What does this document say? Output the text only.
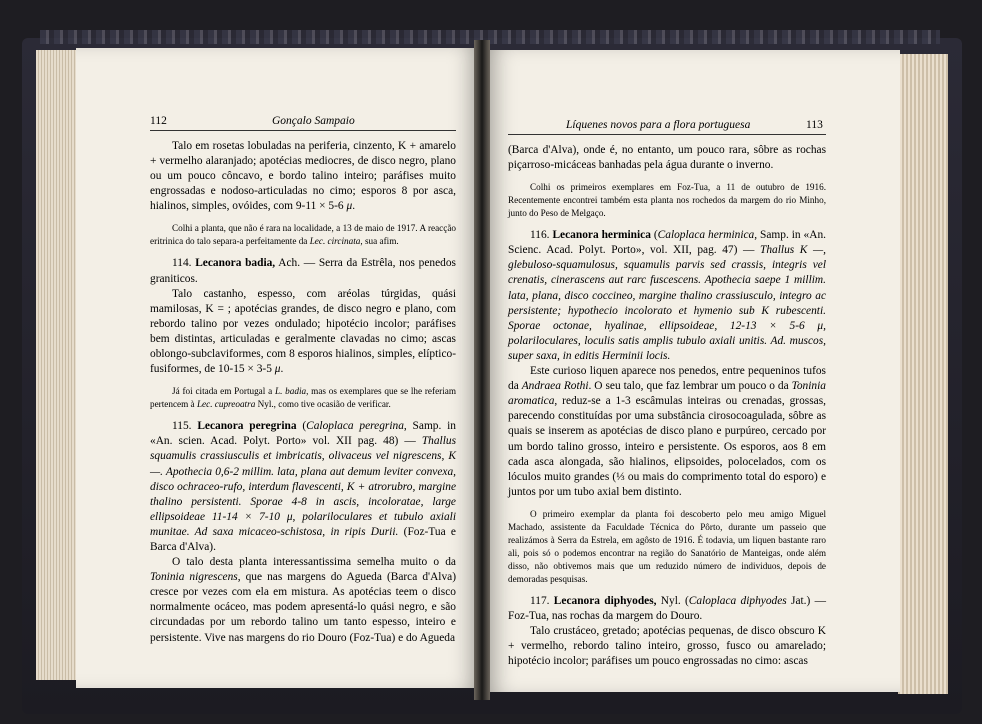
112	Gonçalo Sampaio	Líquenes novos para a flora portuguesa	113

Talo em rosetas lobuladas na periferia, cinzento, K + amarelo + vermelho alaranjado; apotécias mediocres, de disco negro, plano ou um pouco côncavo, e bordo talino inteiro; paráfises muito engrossadas e nodoso-articuladas no cimo; esporos 8 por asca, hialinos, simples, ovóides, com 9-11 × 5-6 μ.

Colhi a planta, que não é rara na localidade, a 13 de maio de 1917. A reacção eritrinica do talo separa-a perfeitamente da Lec. circinata, sua afim.

114. Lecanora badia, Ach. — Serra da Estrêla, nos penedos graniticos.

Talo castanho, espesso, com aréolas túrgidas, quási mamilosas, K = ; apotécias grandes, de disco negro e plano, com rebordo talino por vezes ondulado; hipotécio incolor; paráfises bem distintas, articuladas e geralmente clavadas no cimo; ascas oblongo-subclaviformes, com 8 esporos hialinos, simples, elíptico-fusiformes, de 10-15 × 3-5 μ.

Já foi citada em Portugal a L. badia, mas os exemplares que se lhe referiam pertencem à Lec. cupreoatra Nyl., como tive ocasião de verificar.

115. Lecanora peregrina (Caloplaca peregrina, Samp. in «An. scien. Acad. Polyt. Porto» vol. XII pag. 48) — Thallus squamulis crassiusculis et imbricatis, olivaceus vel nigrescens, K —. Apothecia 0,6-2 millim. lata, plana aut demum leviter convexa, disco ochraceo-rufo, interdum flavescenti, K + atrorubro, margine thalino persistenti. Sporae 4-8 in ascis, incoloratae, large ellipsoideae 11-14 × 7-10 μ, polariloculares et tubulo axiali munitae. Ad saxa micaceo-schistosa, in ripis Durii. (Foz-Tua e Barca d'Alva).

O talo desta planta interessantissima semelha muito o da Toninia nigrescens, que nas margens do Agueda (Barca d'Alva) cresce por vezes com ela em mistura. As apotécias teem o disco normalmente ocáceo, mas podem apresentá-lo quási negro, e são circundadas por um rebordo talino um tanto espesso, inteiro e persistente. Vive nas margens do rio Douro (Foz-Tua) e do Agueda

(Barca d'Alva), onde é, no entanto, um pouco rara, sôbre as rochas piçarroso-micáceas banhadas pela água durante o inverno.

Colhi os primeiros exemplares em Foz-Tua, a 11 de outubro de 1916. Recentemente encontrei também esta planta nos rochedos da margem do rio Minho, junto do Peso de Melgaço.

116. Lecanora herminica (Caloplaca herminica, Samp. in «An. Scienc. Acad. Polyt. Porto», vol. XII, pag. 47) — Thallus K —, glebuloso-squamulosus, squamulis parvis sed crassis, integris vel crenatis, cinerascens aut rarc fuscescens. Apothecia saepe 1 millim. lata, plana, disco coccineo, margine thalino crassiusculo, integro ac persistente; hypothecio incolorato et hymenio sub K rubescenti. Sporae octonae, hyalinae, ellipsoideae, 12-13 × 5-6 μ, polariloculares, loculis satis amplis tubulo axiali unitis. Ad. muscos, super saxa, in editis Herminii locis.

Este curioso liquen aparece nos penedos, entre pequeninos tufos da Andraea Rothi. O seu talo, que faz lembrar um pouco o da Toninia aromatica, reduz-se a 1-3 escâmulas inteiras ou crenadas, grossas, parecendo constituídas por uma substância cirosocoagulada, sôbre as quais se inserem as apotécias de disco plano e purpúreo, cercado por um bordo talino grosso, inteiro e persistente. Os esporos, aos 8 em cada asca alongada, são hialinos, elipsoides, polocelados, com os lóculos muito grandes (⅓ ou mais do comprimento total do esporo) e juntos por um tubo axial bem distinto.

O primeiro exemplar da planta foi descoberto pelo meu amigo Miguel Machado, assistente da Faculdade Técnica do Pôrto, durante um passeio que realizámos à Serra da Estrela, em agôsto de 1916. É todavia, um liquen bastante raro ali, pois só o podemos encontrar na região do Sanatório de Manteigas, onde além disso, não obtivemos mais que um reduzido número de individuos, depois de demoradas pesquisas.

117. Lecanora diphyodes, Nyl. (Caloplaca diphyodes Jat.) — Foz-Tua, nas rochas da margem do Douro.

Talo crustáceo, gretado; apotécias pequenas, de disco obscuro K + vermelho, rebordo talino inteiro, grosso, fusco ou amarelado; hipotécio incolor; paráfises um pouco engrossadas no cimo: ascas
